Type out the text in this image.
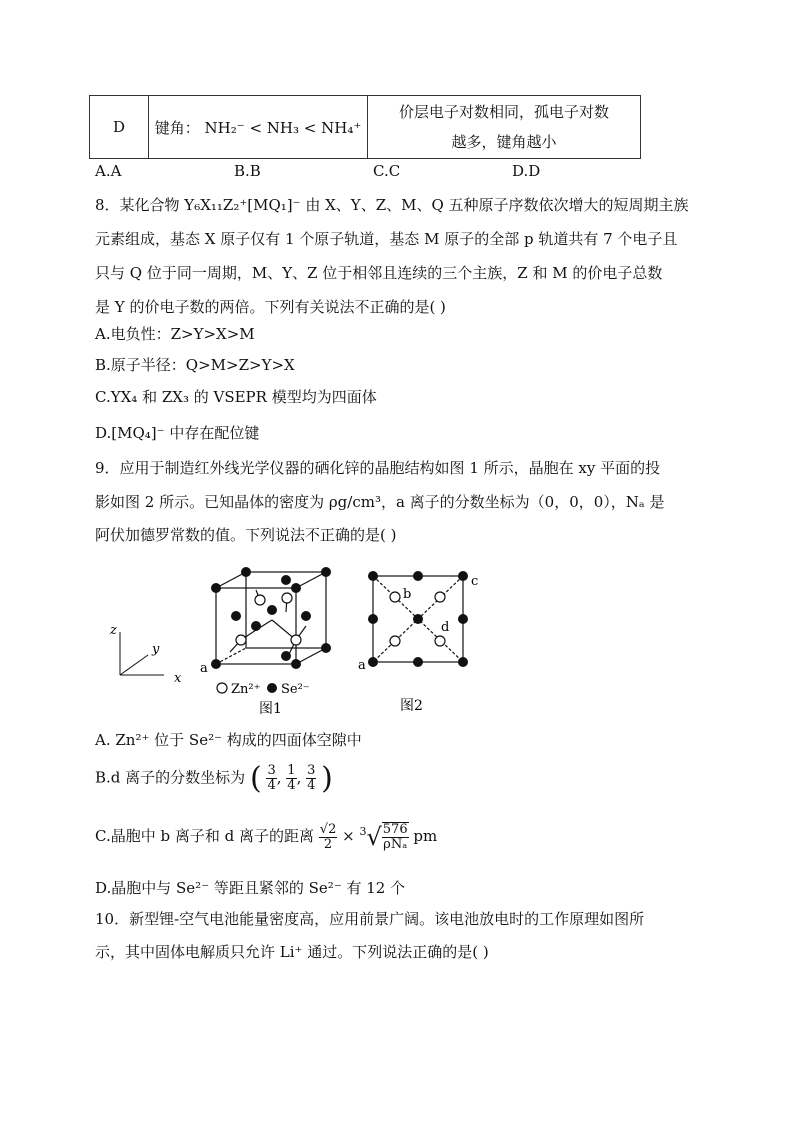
D	键角： NH₂⁻ < NH₃ < NH₄⁺	
价层电子对数相同，孤电子对数
越多，键角越小
A.A	B.B	C.C	D.D
8．某化合物 Y₆X₁₁Z₂⁺[MQ₁]⁻ 由 X、Y、Z、M、Q 五种原子序数依次增大的短周期主族
元素组成，基态 X 原子仅有 1 个原子轨道，基态 M 原子的全部 p 轨道共有 7 个电子且
只与 Q 位于同一周期，M、Y、Z 位于相邻且连续的三个主族，Z 和 M 的价电子总数
是 Y 的价电子数的两倍。下列有关说法不正确的是( )
A.电负性：Z>Y>X>M
B.原子半径：Q>M>Z>Y>X
C.YX₄ 和 ZX₃ 的 VSEPR 模型均为四面体
D.[MQ₄]⁻ 中存在配位键
9．应用于制造红外线光学仪器的硒化锌的晶胞结构如图 1 所示，晶胞在 xy 平面的投
影如图 2 所示。已知晶体的密度为 ρg/cm³，a 离子的分数坐标为（0，0，0），Nₐ 是
阿伏加德罗常数的值。下列说法不正确的是( )
z
y
x
a
Zn²⁺ Se²⁻
图1
b
c
d
a
图2
A. Zn²⁺ 位于 Se²⁻ 构成的四面体空隙中
B.d 离子的分数坐标为 ( $\frac{3}{4}$, $\frac{1}{4}$, $\frac{3}{4}$ )
C.晶胞中 b 离子和 d 离子的距离 $\frac{√2}{2} \times ^3√ \frac{576}{\text{ρNₐ}}$ pm
D.晶胞中与 Se²⁻ 等距且紧邻的 Se²⁻ 有 12 个
10．新型锂-空气电池能量密度高，应用前景广阔。该电池放电时的工作原理如图所
示，其中固体电解质只允许 Li⁺ 通过。下列说法正确的是( )
